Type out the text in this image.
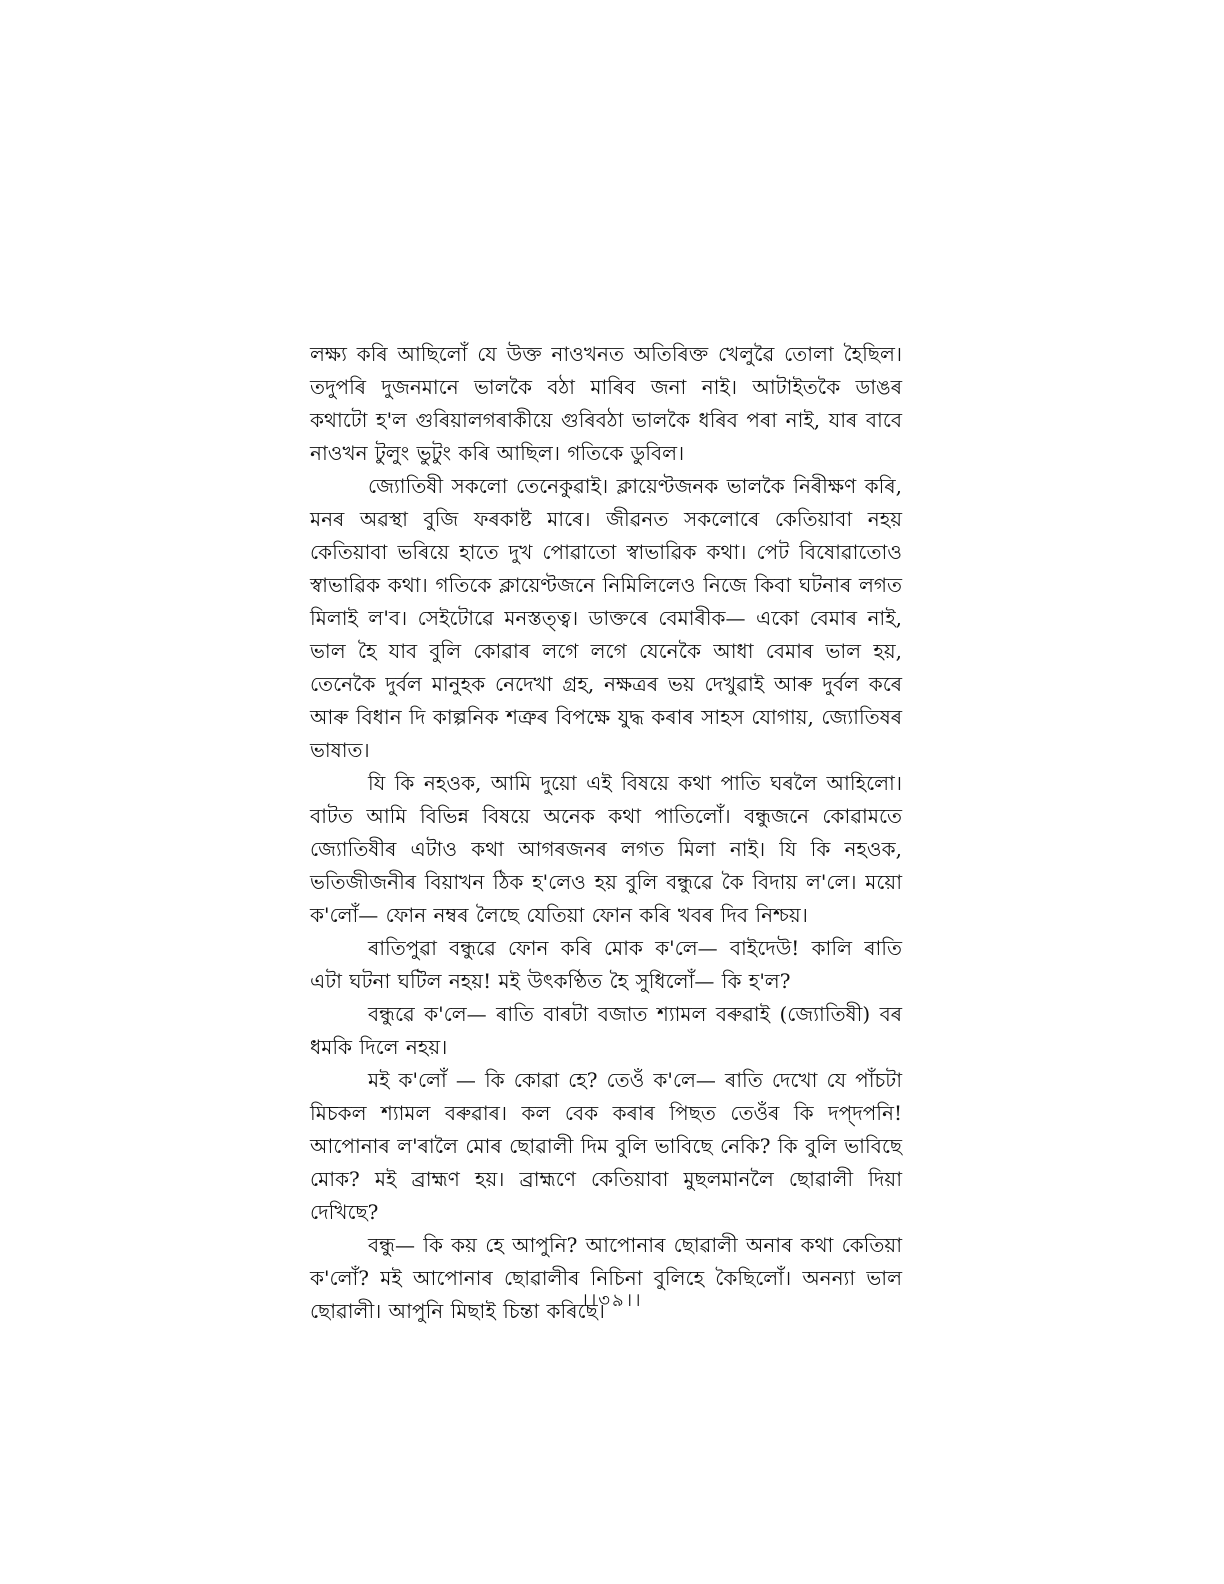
লক্ষ্য কৰি আছিলোঁ যে উক্ত নাওখনত অতিৰিক্ত খেলুৱৈ তোলা হৈছিল। তদুপৰি দুজনমানে ভালকৈ বঠা মাৰিব জনা নাই। আটাইতকৈ ডাঙৰ কথাটো হ'ল গুৰিয়ালগৰাকীয়ে গুৰিবঠা ভালকৈ ধৰিব পৰা নাই, যাৰ বাবে নাওখন টুলুং ভুটুং কৰি আছিল। গতিকে ডুবিল।

জ্যোতিষী সকলো তেনেকুৱাই। ক্লায়েণ্টজনক ভালকৈ নিৰীক্ষণ কৰি, মনৰ অৱস্থা বুজি ফৰকাষ্ট মাৰে। জীৱনত সকলোৰে কেতিয়াবা নহয় কেতিয়াবা ভৰিয়ে হাতে দুখ পোৱাতো স্বাভাৱিক কথা। পেট বিষোৱাতোও স্বাভাৱিক কথা। গতিকে ক্লায়েণ্টজনে নিমিলিলেও নিজে কিবা ঘটনাৰ লগত মিলাই ল'ব। সেইটোৱে মনস্তত্ত্ব। ডাক্তৰে বেমাৰীক— একো বেমাৰ নাই, ভাল হৈ যাব বুলি কোৱাৰ লগে লগে যেনেকৈ আধা বেমাৰ ভাল হয়, তেনেকৈ দুৰ্বল মানুহক নেদেখা গ্ৰহ, নক্ষত্ৰৰ ভয় দেখুৱাই আৰু দুৰ্বল কৰে আৰু বিধান দি কাল্পনিক শত্ৰুৰ বিপক্ষে যুদ্ধ কৰাৰ সাহস যোগায়, জ্যোতিষৰ ভাষাত।

যি কি নহওক, আমি দুয়ো এই বিষয়ে কথা পাতি ঘৰলৈ আহিলো। বাটত আমি বিভিন্ন বিষয়ে অনেক কথা পাতিলোঁ। বন্ধুজনে কোৱামতে জ্যোতিষীৰ এটাও কথা আগৰজনৰ লগত মিলা নাই। যি কি নহওক, ভতিজীজনীৰ বিয়াখন ঠিক হ'লেও হয় বুলি বন্ধুৱে কৈ বিদায় ল'লে। ময়ো ক'লোঁ— ফোন নম্বৰ লৈছে যেতিয়া ফোন কৰি খবৰ দিব নিশ্চয়।

ৰাতিপুৱা বন্ধুৱে ফোন কৰি মোক ক'লে— বাইদেউ! কালি ৰাতি এটা ঘটনা ঘটিল নহয়! মই উৎকণ্ঠিত হৈ সুধিলোঁ— কি হ'ল?

বন্ধুৱে ক'লে— ৰাতি বাৰটা বজাত শ্যামল বৰুৱাই (জ্যোতিষী) বৰ ধমকি দিলে নহয়।

মই ক'লোঁ — কি কোৱা হে? তেওঁ ক'লে— ৰাতি দেখো যে পাঁচটা মিচকল শ্যামল বৰুৱাৰ। কল বেক কৰাৰ পিছত তেওঁৰ কি দপ্‌দপনি! আপোনাৰ ল'ৰালৈ মোৰ ছোৱালী দিম বুলি ভাবিছে নেকি? কি বুলি ভাবিছে মোক? মই ব্ৰাহ্মণ হয়। ব্ৰাহ্মণে কেতিয়াবা মুছলমানলৈ ছোৱালী দিয়া দেখিছে?

বন্ধু— কি কয় হে আপুনি? আপোনাৰ ছোৱালী অনাৰ কথা কেতিয়া ক'লোঁ? মই আপোনাৰ ছোৱালীৰ নিচিনা বুলিহে কৈছিলোঁ। অনন্যা ভাল ছোৱালী। আপুনি মিছাই চিন্তা কৰিছে।

।।৩৯।।
